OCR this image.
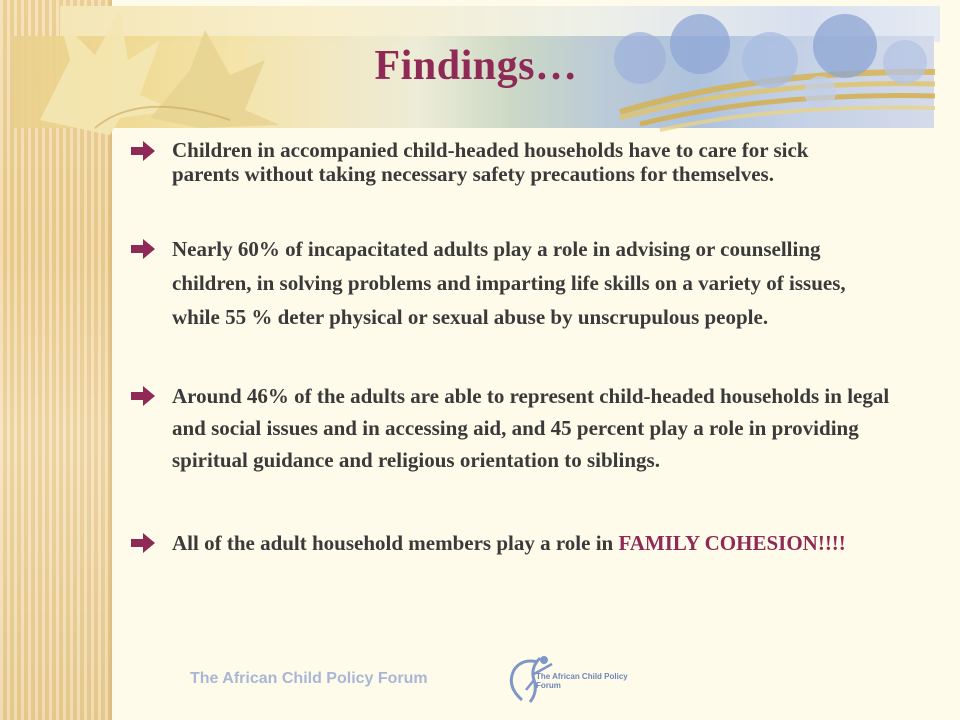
Findings…
Children in accompanied child-headed households have to care for sick parents without taking necessary safety precautions for themselves.
Nearly 60% of incapacitated adults play a role in advising or counselling children, in solving problems and imparting life skills on a variety of issues, while 55 % deter physical or sexual abuse by unscrupulous people.
Around 46% of the adults are able to represent child-headed households in legal and social issues and in accessing aid, and 45 percent play a role in providing spiritual guidance and religious orientation to siblings.
All of the adult household members play a role in FAMILY COHESION!!!!
The African Child Policy Forum	The African Child Policy Forum
